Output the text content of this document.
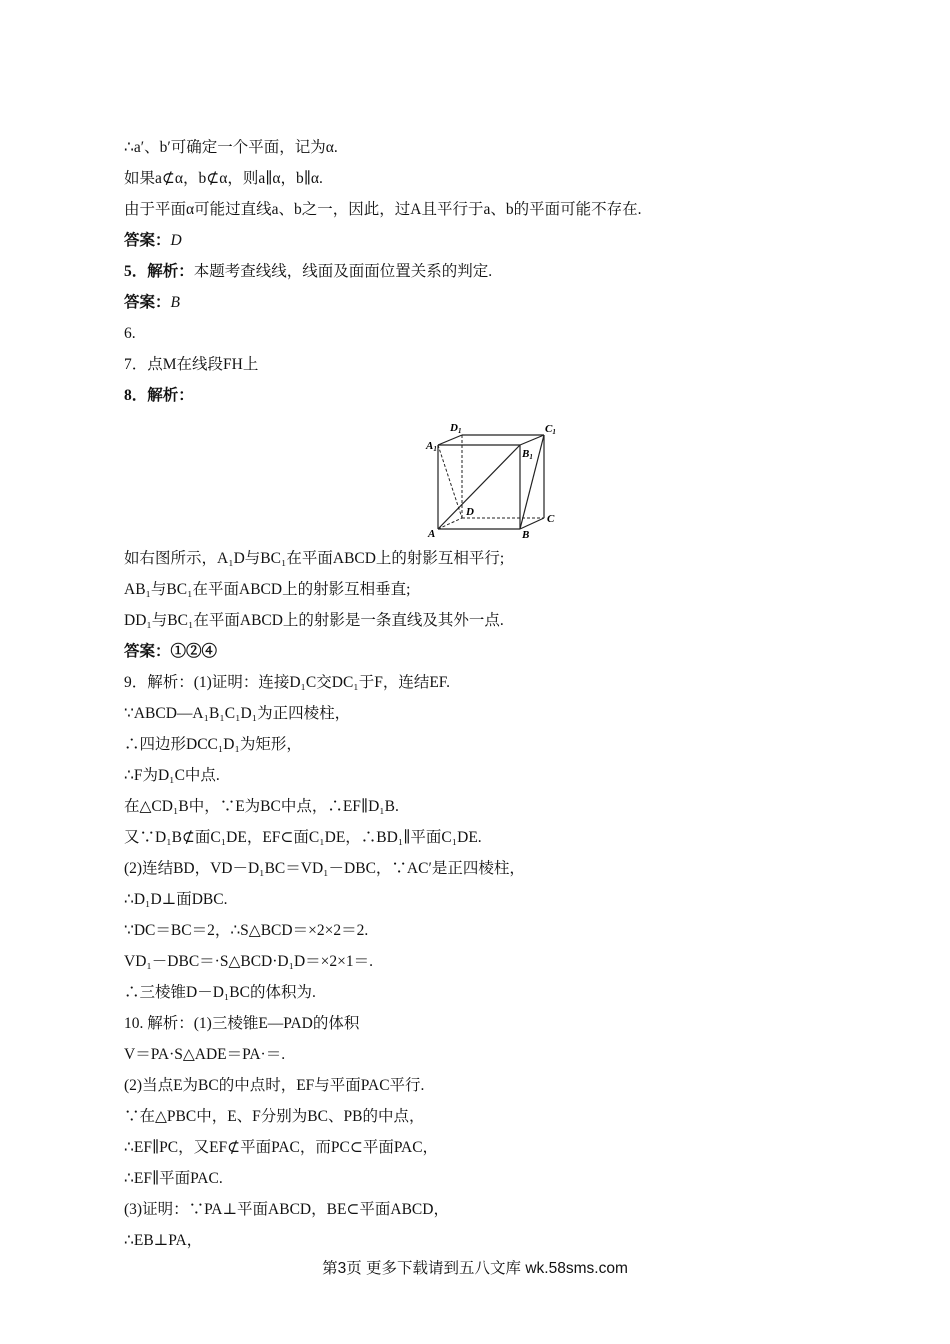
∴a′、b′可确定一个平面，记为α.
如果a⊄α，b⊄α，则a∥α，b∥α.
由于平面α可能过直线a、b之一，因此，过A且平行于a、b的平面可能不存在.
答案：D
5．解析：本题考查线线，线面及面面位置关系的判定.
答案：B
6.
7．点M在线段FH上
8．解析：
D1	C1
A1	B1
D
C
A	B
如右图所示，A₁D与BC₁在平面ABCD上的射影互相平行;
AB₁与BC₁在平面ABCD上的射影互相垂直;
DD₁与BC₁在平面ABCD上的射影是一条直线及其外一点.
答案：①②④
9．解析：(1)证明：连接D₁C交DC₁于F，连结EF.
∵ABCD—A₁B₁C₁D₁为正四棱柱，
∴四边形DCC₁D₁为矩形，
∴F为D₁C中点.
在△CD₁B中，∵E为BC中点，∴EF∥D₁B.
又∵D₁B⊄面C₁DE，EF⊂面C₁DE，∴BD₁∥平面C₁DE.
(2)连结BD，VD－D₁BC＝VD₁－DBC，∵AC′是正四棱柱，
∴D₁D⊥面DBC.
∵DC＝BC＝2，∴S△BCD＝×2×2＝2.
VD₁－DBC＝·S△BCD·D₁D＝×2×1＝.
∴三棱锥D－D₁BC的体积为.
10. 解析：(1)三棱锥E—PAD的体积
V＝PA·S△ADE＝PA·＝.
(2)当点E为BC的中点时，EF与平面PAC平行.
∵在△PBC中，E、F分别为BC、PB的中点，
∴EF∥PC，又EF⊄平面PAC，而PC⊂平面PAC，
∴EF∥平面PAC.
(3)证明：∵PA⊥平面ABCD，BE⊂平面ABCD，
∴EB⊥PA，
第3页 更多下载请到五八文库 wk.58sms.com
